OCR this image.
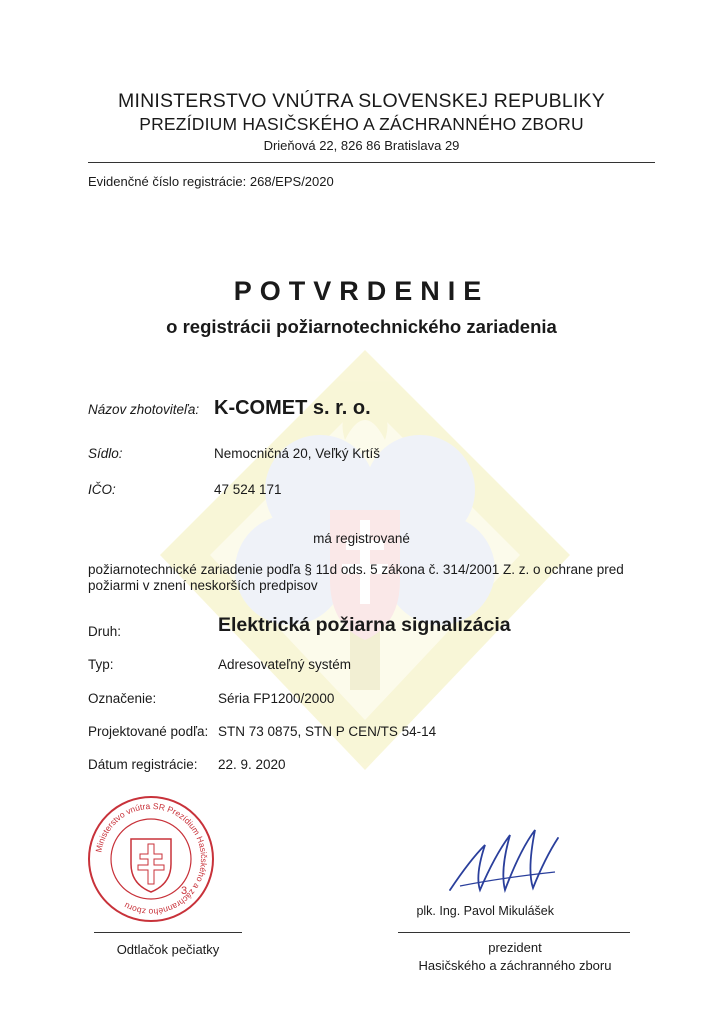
MINISTERSTVO VNÚTRA SLOVENSKEJ REPUBLIKY
PREZÍDIUM HASIČSKÉHO A ZÁCHRANNÉHO ZBORU
Drieňová 22, 826 86 Bratislava 29
Evidenčné číslo registrácie: 268/EPS/2020
POTVRDENIE
o registrácii požiarnotechnického zariadenia
Názov zhotoviteľa: K-COMET s. r. o.
Sídlo:	Nemocničná 20, Veľký Krtíš
IČO:	47 524 171
má registrované
požiarnotechnické zariadenie podľa § 11d ods. 5 zákona č. 314/2001 Z. z. o ochrane pred požiarmi v znení neskorších predpisov
Druh:	Elektrická požiarna signalizácia
Typ:	Adresovateľný systém
Označenie:	Séria FP1200/2000
Projektované podľa: STN 73 0875, STN P CEN/TS 54-14
Dátum registrácie: 22. 9. 2020
Ministerstvo vnútra SR Prezídium Hasičského a záchranného zboru
3
plk. Ing. Pavol Mikulášek
Odtlačok pečiatky	prezident
Hasičského a záchranného zboru
